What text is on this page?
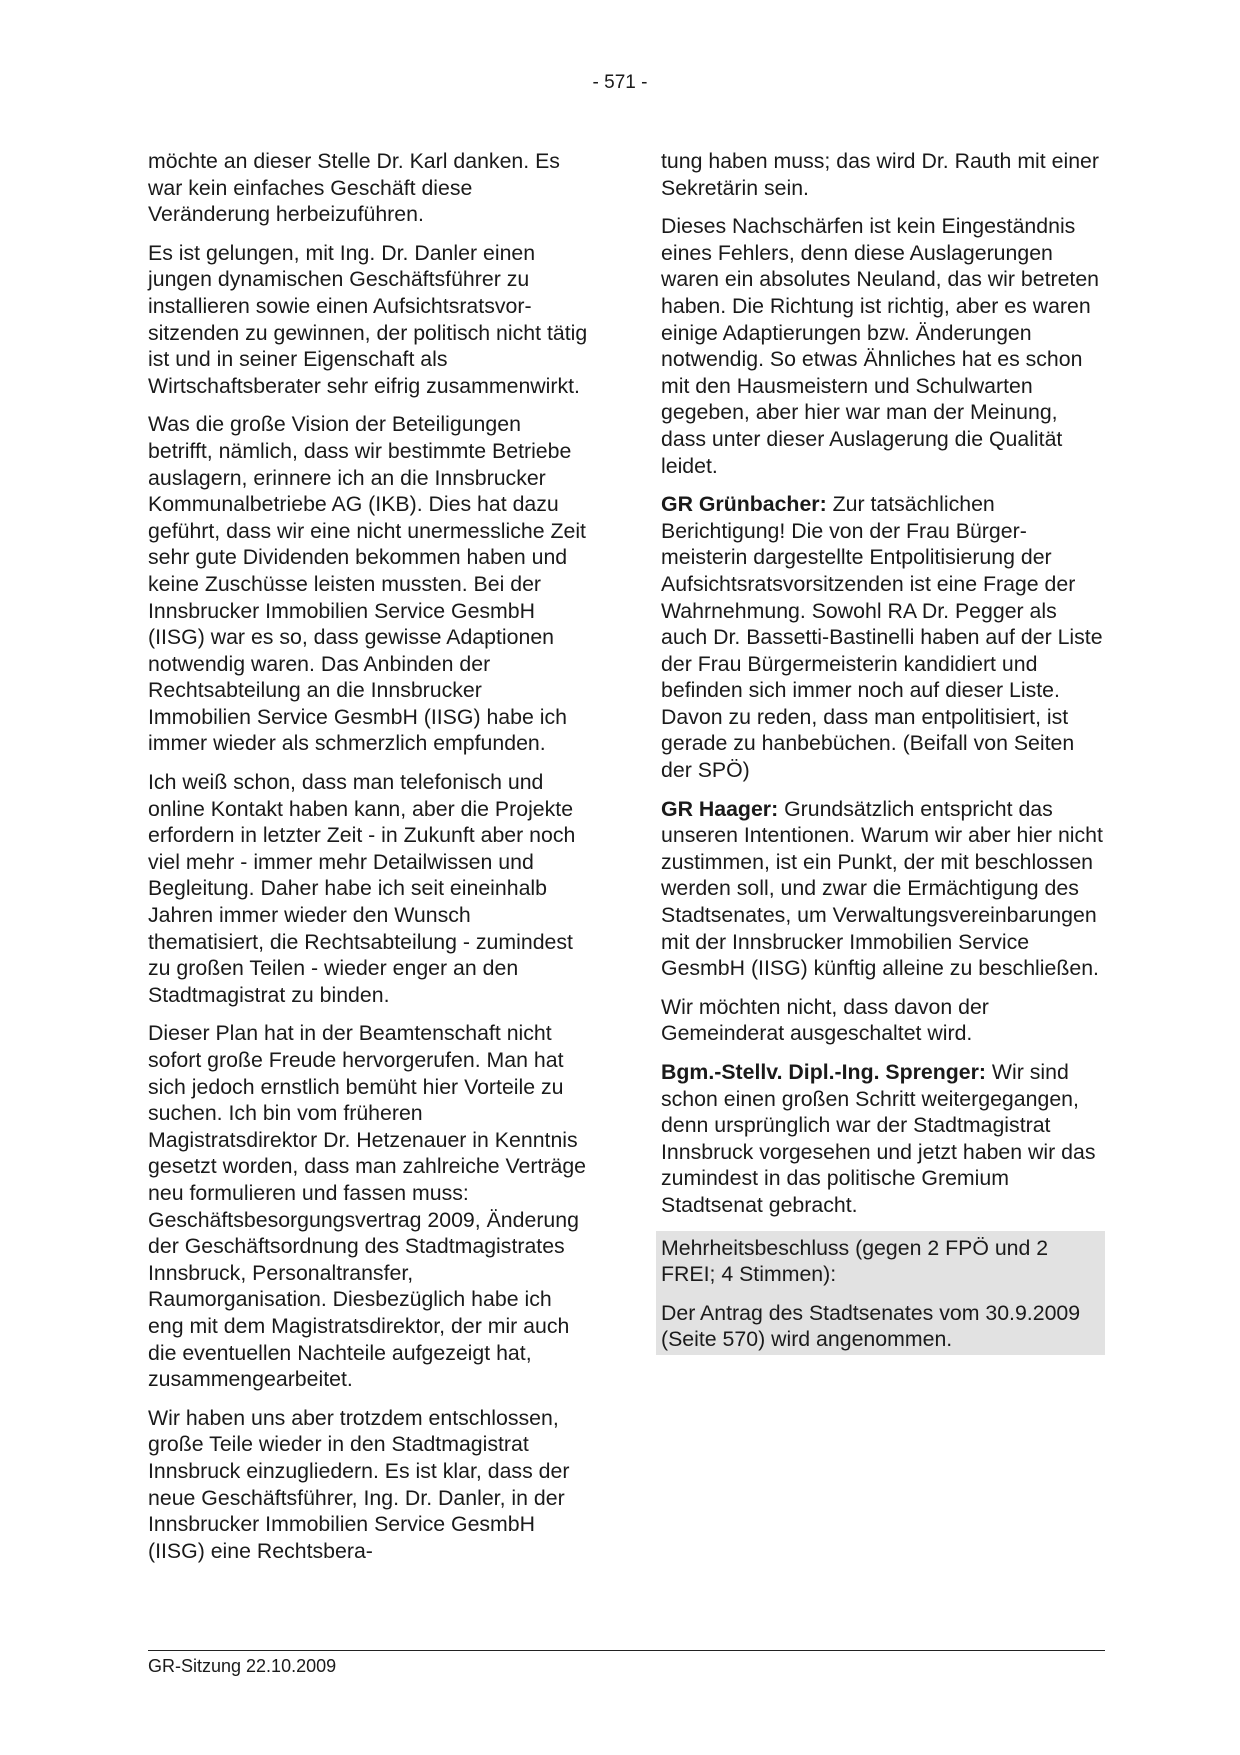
- 571 -

möchte an dieser Stelle Dr. Karl danken. Es war kein einfaches Geschäft diese Veränderung herbeizuführen.

Es ist gelungen, mit Ing. Dr. Danler einen jungen dynamischen Geschäftsführer zu installieren sowie einen Aufsichtsratsvorsitzenden zu gewinnen, der politisch nicht tätig ist und in seiner Eigenschaft als Wirtschaftsberater sehr eifrig zusammenwirkt.

Was die große Vision der Beteiligungen betrifft, nämlich, dass wir bestimmte Betriebe auslagern, erinnere ich an die Innsbrucker Kommunalbetriebe AG (IKB). Dies hat dazu geführt, dass wir eine nicht unermessliche Zeit sehr gute Dividenden bekommen haben und keine Zuschüsse leisten mussten. Bei der Innsbrucker Immobilien Service GesmbH (IISG) war es so, dass gewisse Adaptionen notwendig waren. Das Anbinden der Rechtsabteilung an die Innsbrucker Immobilien Service GesmbH (IISG) habe ich immer wieder als schmerzlich empfunden.

Ich weiß schon, dass man telefonisch und online Kontakt haben kann, aber die Projekte erfordern in letzter Zeit - in Zukunft aber noch viel mehr - immer mehr Detailwissen und Begleitung. Daher habe ich seit eineinhalb Jahren immer wieder den Wunsch thematisiert, die Rechtsabteilung - zumindest zu großen Teilen - wieder enger an den Stadtmagistrat zu binden.

Dieser Plan hat in der Beamtenschaft nicht sofort große Freude hervorgerufen. Man hat sich jedoch ernstlich bemüht hier Vorteile zu suchen. Ich bin vom früheren Magistratsdirektor Dr. Hetzenauer in Kenntnis gesetzt worden, dass man zahlreiche Verträge neu formulieren und fassen muss: Geschäftsbesorgungsvertrag 2009, Änderung der Geschäftsordnung des Stadtmagistrates Innsbruck, Personaltransfer, Raumorganisation. Diesbezüglich habe ich eng mit dem Magistratsdirektor, der mir auch die eventuellen Nachteile aufgezeigt hat, zusammengearbeitet.

Wir haben uns aber trotzdem entschlossen, große Teile wieder in den Stadtmagistrat Innsbruck einzugliedern. Es ist klar, dass der neue Geschäftsführer, Ing. Dr. Danler, in der Innsbrucker Immobilien Service GesmbH (IISG) eine Rechtsbera-

tung haben muss; das wird Dr. Rauth mit einer Sekretärin sein.

Dieses Nachschärfen ist kein Eingeständnis eines Fehlers, denn diese Auslagerungen waren ein absolutes Neuland, das wir betreten haben. Die Richtung ist richtig, aber es waren einige Adaptierungen bzw. Änderungen notwendig. So etwas Ähnliches hat es schon mit den Hausmeistern und Schulwarten gegeben, aber hier war man der Meinung, dass unter dieser Auslagerung die Qualität leidet.

GR Grünbacher: Zur tatsächlichen Berichtigung! Die von der Frau Bürgermeisterin dargestellte Entpolitisierung der Aufsichtsratsvorsitzenden ist eine Frage der Wahrnehmung. Sowohl RA Dr. Pegger als auch Dr. Bassetti-Bastinelli haben auf der Liste der Frau Bürgermeisterin kandidiert und befinden sich immer noch auf dieser Liste. Davon zu reden, dass man entpolitisiert, ist gerade zu hanbebüchen. (Beifall von Seiten der SPÖ)

GR Haager: Grundsätzlich entspricht das unseren Intentionen. Warum wir aber hier nicht zustimmen, ist ein Punkt, der mit beschlossen werden soll, und zwar die Ermächtigung des Stadtsenates, um Verwaltungsvereinbarungen mit der Innsbrucker Immobilien Service GesmbH (IISG) künftig alleine zu beschließen.

Wir möchten nicht, dass davon der Gemeinderat ausgeschaltet wird.

Bgm.-Stellv. Dipl.-Ing. Sprenger: Wir sind schon einen großen Schritt weitergegangen, denn ursprünglich war der Stadtmagistrat Innsbruck vorgesehen und jetzt haben wir das zumindest in das politische Gremium Stadtsenat gebracht.

Mehrheitsbeschluss (gegen 2 FPÖ und 2 FREI; 4 Stimmen):

Der Antrag des Stadtsenates vom 30.9.2009 (Seite 570) wird angenommen.

GR-Sitzung 22.10.2009
